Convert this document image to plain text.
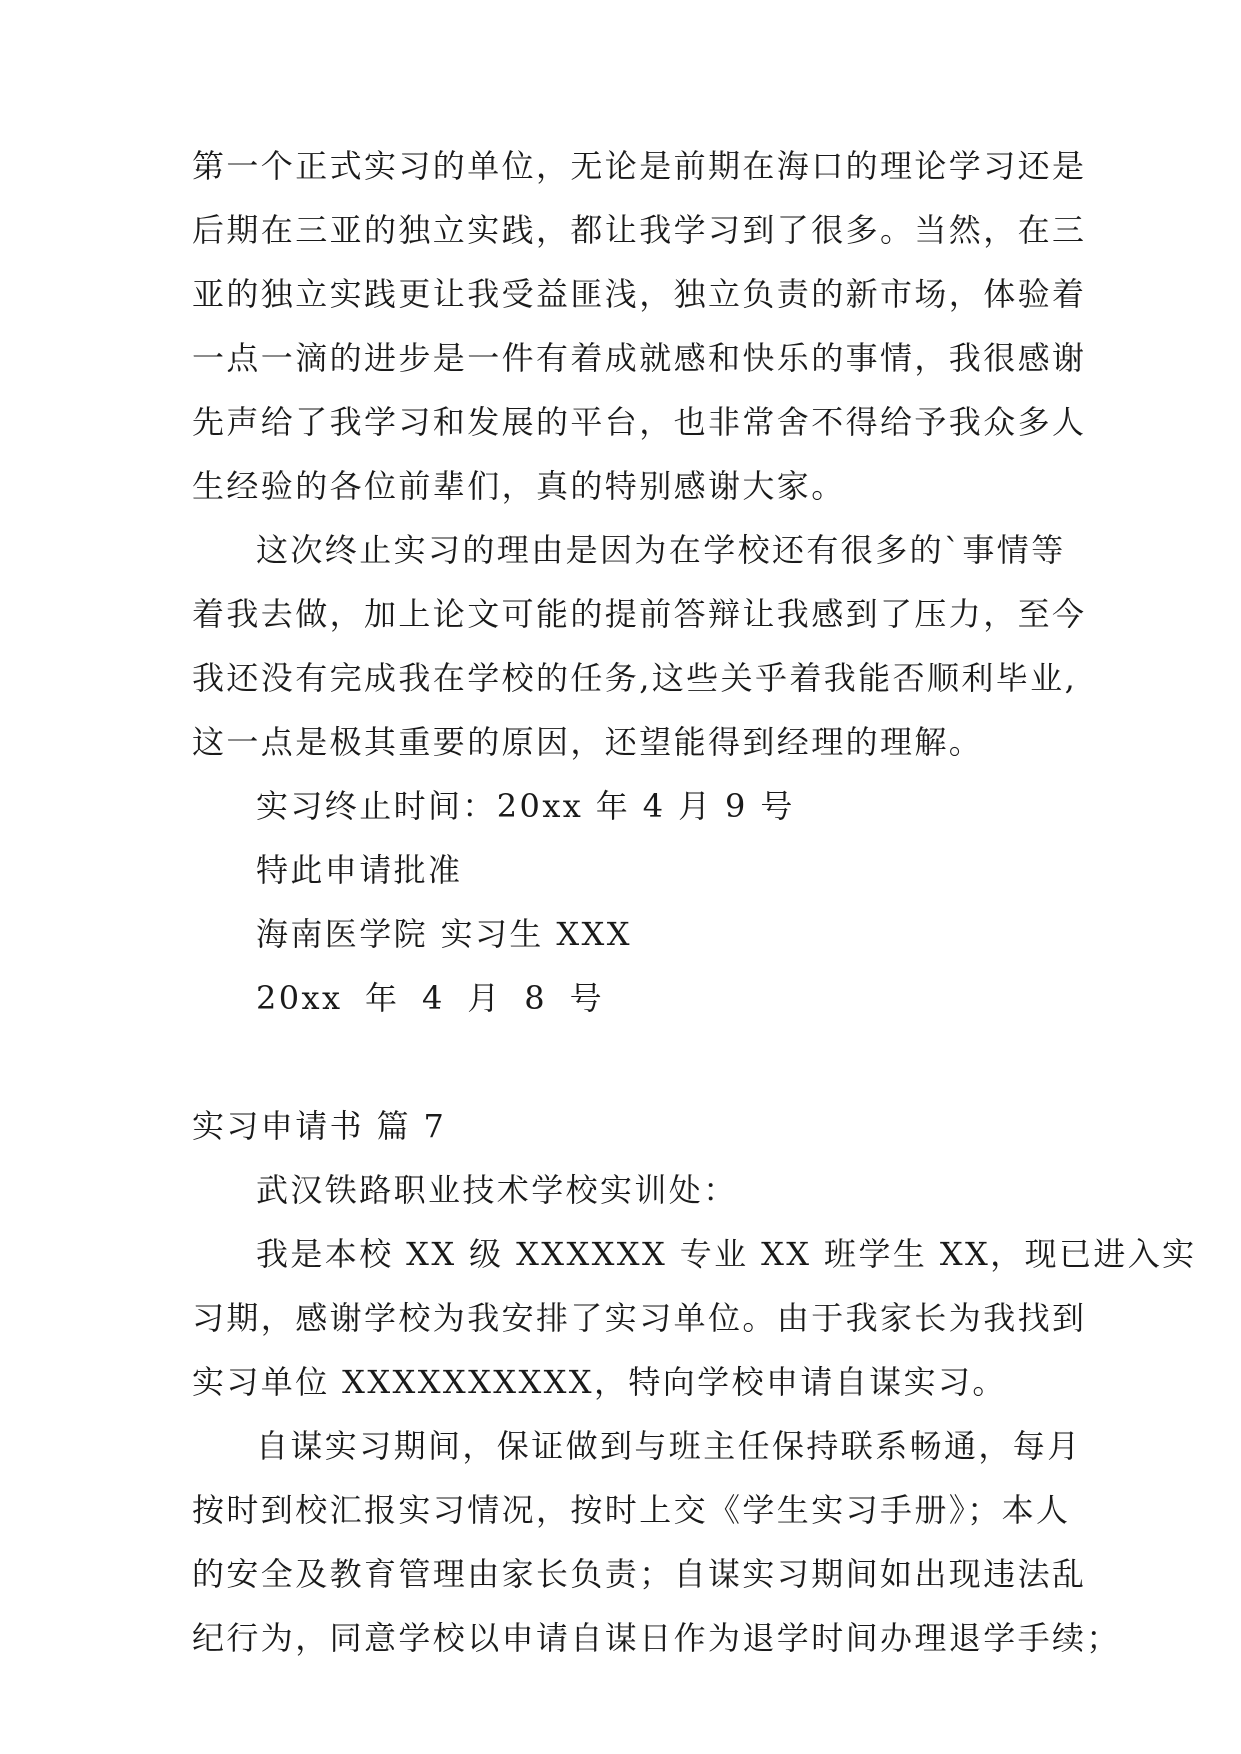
第一个正式实习的单位，无论是前期在海口的理论学习还是
后期在三亚的独立实践，都让我学习到了很多。当然，在三
亚的独立实践更让我受益匪浅，独立负责的新市场，体验着
一点一滴的进步是一件有着成就感和快乐的事情，我很感谢
先声给了我学习和发展的平台，也非常舍不得给予我众多人
生经验的各位前辈们，真的特别感谢大家。
这次终止实习的理由是因为在学校还有很多的`事情等
着我去做，加上论文可能的提前答辩让我感到了压力，至今
我还没有完成我在学校的任务,这些关乎着我能否顺利毕业,
这一点是极其重要的原因，还望能得到经理的理解。
实习终止时间：20xx 年 4 月 9 号
特此申请批准
海南医学院 实习生 XXX
20xx 年 4 月 8 号
实习申请书 篇 7
武汉铁路职业技术学校实训处：
我是本校 XX 级 XXXXXX 专业 XX 班学生 XX，现已进入实
习期，感谢学校为我安排了实习单位。由于我家长为我找到
实习单位 XXXXXXXXXX，特向学校申请自谋实习。
自谋实习期间，保证做到与班主任保持联系畅通，每月
按时到校汇报实习情况，按时上交《学生实习手册》；本人
的安全及教育管理由家长负责；自谋实习期间如出现违法乱
纪行为，同意学校以申请自谋日作为退学时间办理退学手续；
